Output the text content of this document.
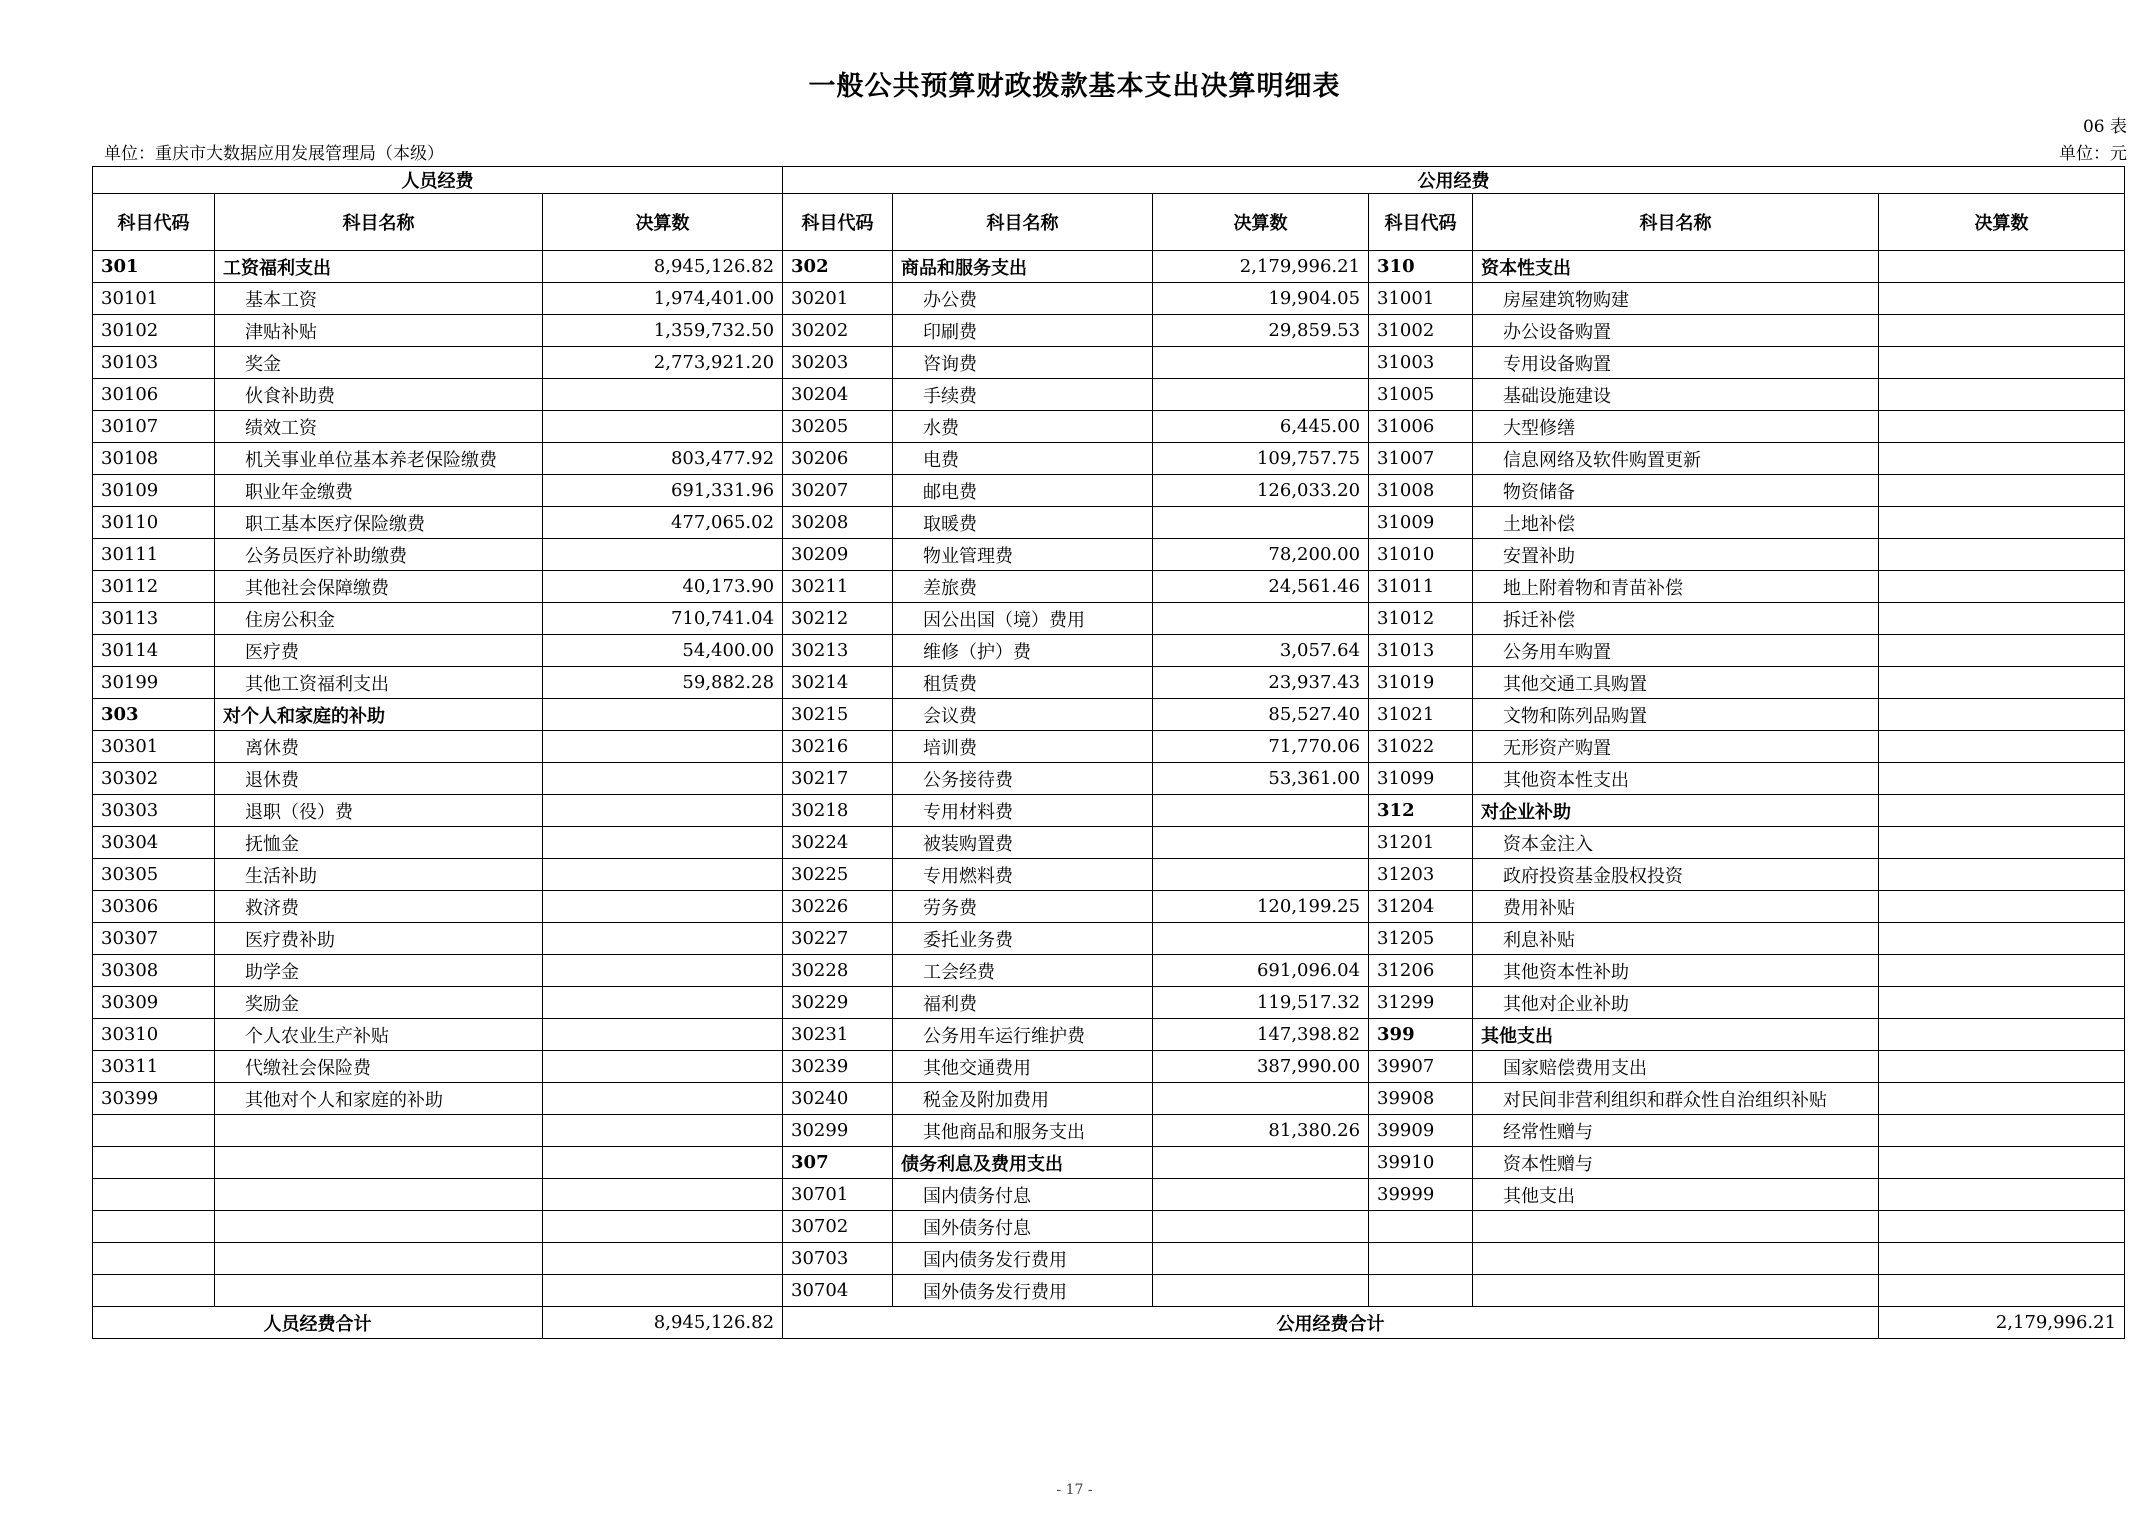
一般公共预算财政拨款基本支出决算明细表
06 表
单位：重庆市大数据应用发展管理局（本级）	单位：元
人员经费			公用经费					
科目代码	科目名称	决算数	科目代码	科目名称	决算数	科目代码	科目名称	决算数
301	工资福利支出	8,945,126.82	302	商品和服务支出	2,179,996.21	310	资本性支出	
30101	基本工资	1,974,401.00	30201	办公费	19,904.05	31001	房屋建筑物购建	
30102	津贴补贴	1,359,732.50	30202	印刷费	29,859.53	31002	办公设备购置	
30103	奖金	2,773,921.20	30203	咨询费		31003	专用设备购置	
30106	伙食补助费		30204	手续费		31005	基础设施建设	
30107	绩效工资		30205	水费	6,445.00	31006	大型修缮	
30108	机关事业单位基本养老保险缴费	803,477.92	30206	电费	109,757.75	31007	信息网络及软件购置更新	
30109	职业年金缴费	691,331.96	30207	邮电费	126,033.20	31008	物资储备	
30110	职工基本医疗保险缴费	477,065.02	30208	取暖费		31009	土地补偿	
30111	公务员医疗补助缴费		30209	物业管理费	78,200.00	31010	安置补助	
30112	其他社会保障缴费	40,173.90	30211	差旅费	24,561.46	31011	地上附着物和青苗补偿	
30113	住房公积金	710,741.04	30212	因公出国（境）费用		31012	拆迁补偿	
30114	医疗费	54,400.00	30213	维修（护）费	3,057.64	31013	公务用车购置	
30199	其他工资福利支出	59,882.28	30214	租赁费	23,937.43	31019	其他交通工具购置	
303	对个人和家庭的补助		30215	会议费	85,527.40	31021	文物和陈列品购置	
30301	离休费		30216	培训费	71,770.06	31022	无形资产购置	
30302	退休费		30217	公务接待费	53,361.00	31099	其他资本性支出	
30303	退职（役）费		30218	专用材料费		312	对企业补助	
30304	抚恤金		30224	被装购置费		31201	资本金注入	
30305	生活补助		30225	专用燃料费		31203	政府投资基金股权投资	
30306	救济费		30226	劳务费	120,199.25	31204	费用补贴	
30307	医疗费补助		30227	委托业务费		31205	利息补贴	
30308	助学金		30228	工会经费	691,096.04	31206	其他资本性补助	
30309	奖励金		30229	福利费	119,517.32	31299	其他对企业补助	
30310	个人农业生产补贴		30231	公务用车运行维护费	147,398.82	399	其他支出	
30311	代缴社会保险费		30239	其他交通费用	387,990.00	39907	国家赔偿费用支出	
30399	其他对个人和家庭的补助		30240	税金及附加费用		39908	对民间非营利组织和群众性自治组织补贴	
			30299	其他商品和服务支出	81,380.26	39909	经常性赠与	
			307	债务利息及费用支出		39910	资本性赠与	
			30701	国内债务付息		39999	其他支出	
			30702	国外债务付息				
			30703	国内债务发行费用				
			30704	国外债务发行费用				
人员经费合计		8,945,126.82	公用经费合计					2,179,996.21
- 17 -
